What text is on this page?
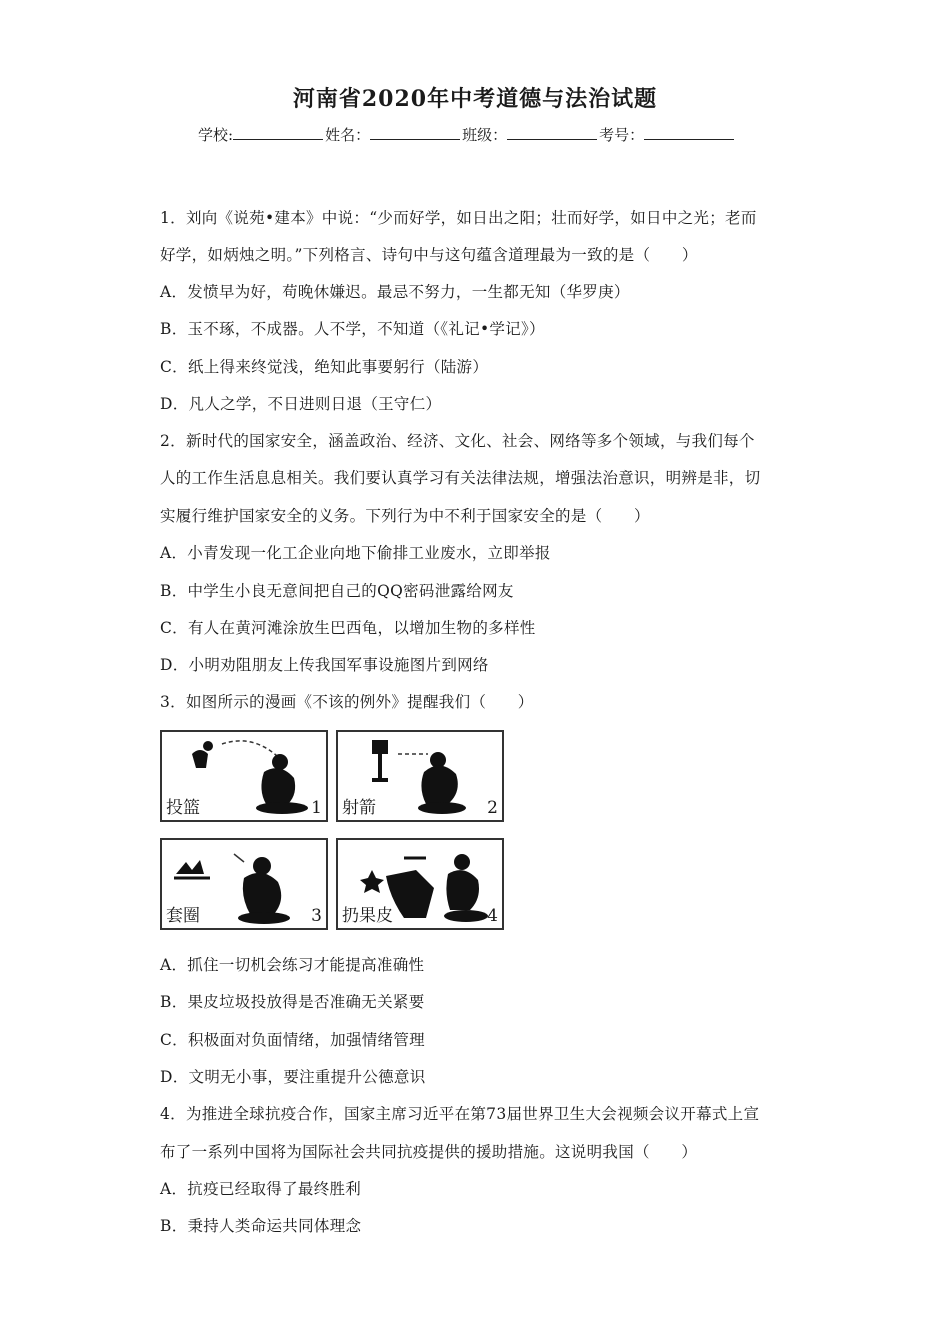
河南省2020年中考道德与法治试题
学校:	姓名：	班级：	考号：
1．刘向《说苑•建本》中说：“少而好学，如日出之阳；壮而好学，如日中之光；老而
好学，如炳烛之明。”下列格言、诗句中与这句蕴含道理最为一致的是（　　）
A．发愤早为好，苟晚休嫌迟。最忌不努力，一生都无知（华罗庚）
B．玉不琢，不成器。人不学，不知道（《礼记•学记》）
C．纸上得来终觉浅，绝知此事要躬行（陆游）
D．凡人之学，不日进则日退（王守仁）
2．新时代的国家安全，涵盖政治、经济、文化、社会、网络等多个领域，与我们每个
人的工作生活息息相关。我们要认真学习有关法律法规，增强法治意识，明辨是非，切
实履行维护国家安全的义务。下列行为中不利于国家安全的是（　　）
A．小青发现一化工企业向地下偷排工业废水，立即举报
B．中学生小良无意间把自己的QQ密码泄露给网友
C．有人在黄河滩涂放生巴西龟，以增加生物的多样性
D．小明劝阻朋友上传我国军事设施图片到网络
3．如图所示的漫画《不该的例外》提醒我们（　　）
投篮	1 射箭	2
套圈	3 扔果皮	4
A．抓住一切机会练习才能提高准确性
B．果皮垃圾投放得是否准确无关紧要
C．积极面对负面情绪，加强情绪管理
D．文明无小事，要注重提升公德意识
4．为推进全球抗疫合作，国家主席习近平在第73届世界卫生大会视频会议开幕式上宣
布了一系列中国将为国际社会共同抗疫提供的援助措施。这说明我国（　　）
A．抗疫已经取得了最终胜利
B．秉持人类命运共同体理念
